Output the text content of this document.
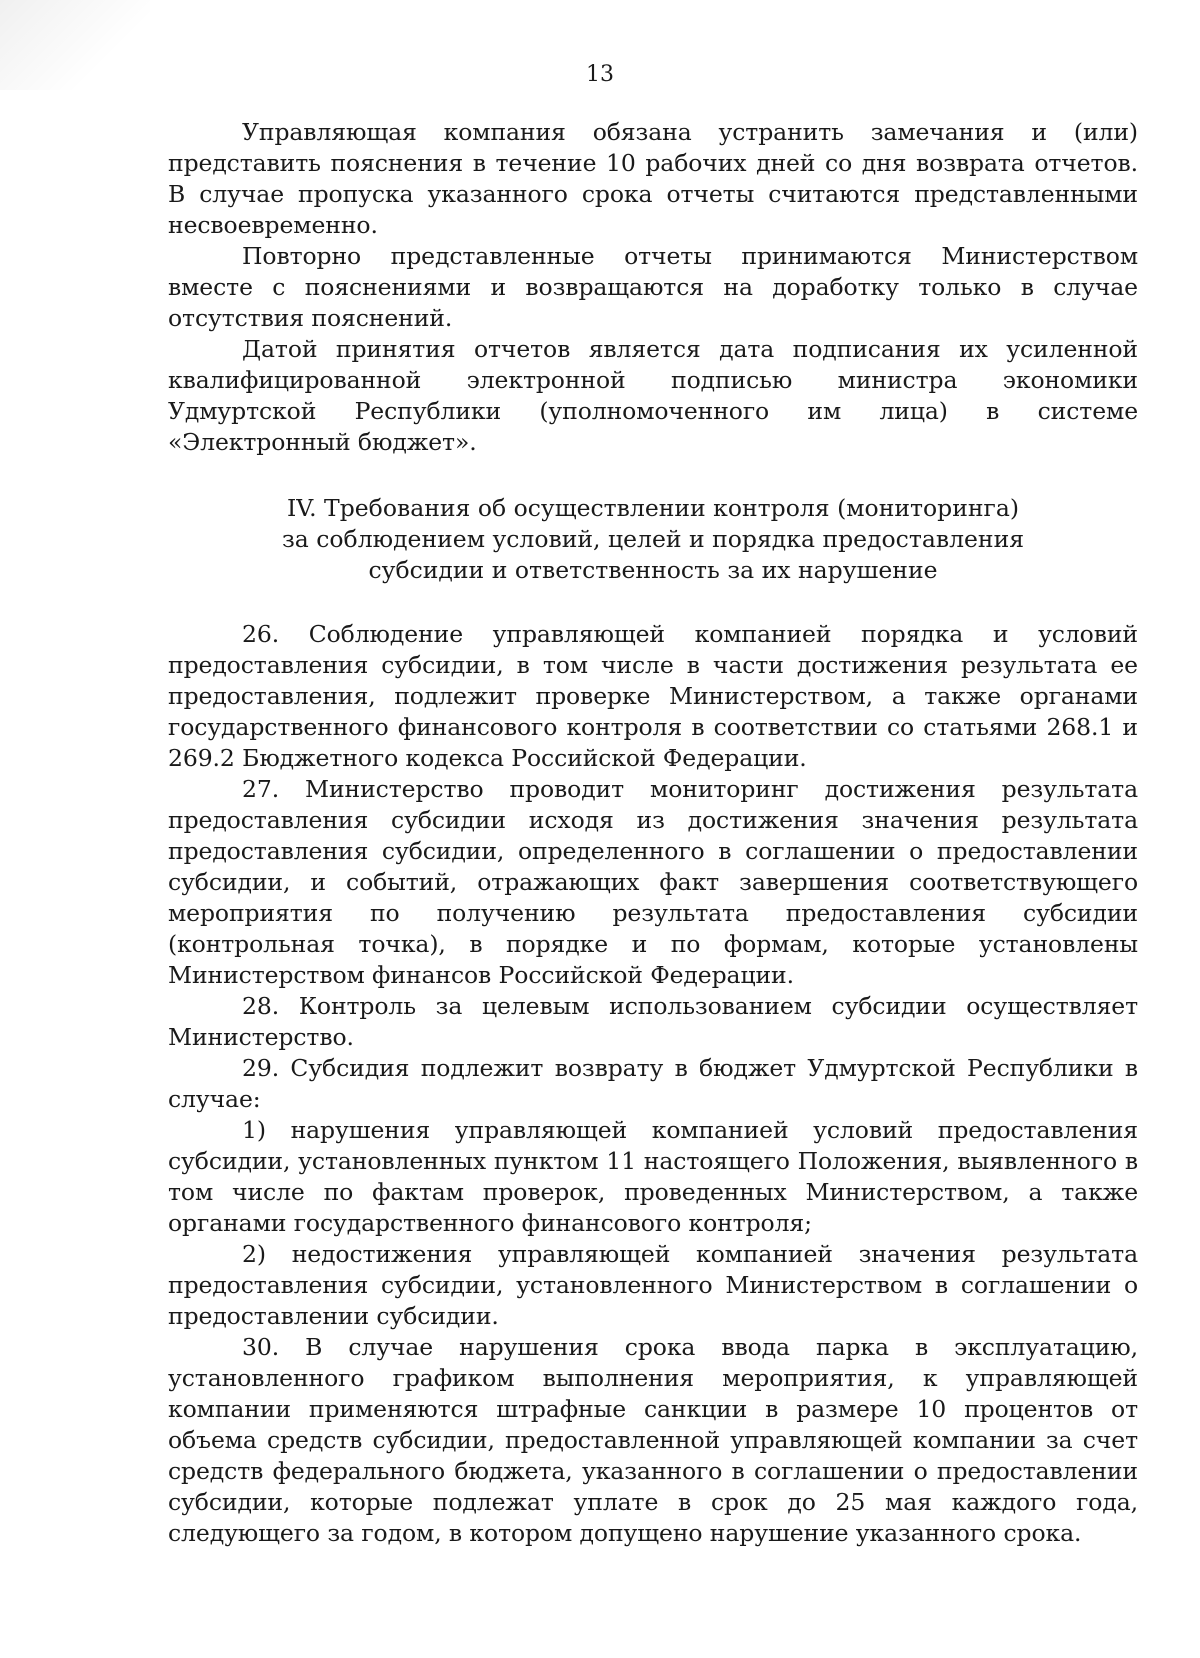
13

Управляющая компания обязана устранить замечания и (или) представить пояснения в течение 10 рабочих дней со дня возврата отчетов. В случае пропуска указанного срока отчеты считаются представленными несвоевременно.

Повторно представленные отчеты принимаются Министерством вместе с пояснениями и возвращаются на доработку только в случае отсутствия пояснений.

Датой принятия отчетов является дата подписания их усиленной квалифицированной электронной подписью министра экономики Удмуртской Республики (уполномоченного им лица) в системе «Электронный бюджет».

IV. Требования об осуществлении контроля (мониторинга)

за соблюдением условий, целей и порядка предоставления

субсидии и ответственность за их нарушение

26. Соблюдение управляющей компанией порядка и условий предоставления субсидии, в том числе в части достижения результата ее предоставления, подлежит проверке Министерством, а также органами государственного финансового контроля в соответствии со статьями 268.1 и 269.2 Бюджетного кодекса Российской Федерации.

27. Министерство проводит мониторинг достижения результата предоставления субсидии исходя из достижения значения результата предоставления субсидии, определенного в соглашении о предоставлении субсидии, и событий, отражающих факт завершения соответствующего мероприятия по получению результата предоставления субсидии (контрольная точка), в порядке и по формам, которые установлены Министерством финансов Российской Федерации.

28. Контроль за целевым использованием субсидии осуществляет Министерство.

29. Субсидия подлежит возврату в бюджет Удмуртской Республики в случае:

1) нарушения управляющей компанией условий предоставления субсидии, установленных пунктом 11 настоящего Положения, выявленного в том числе по фактам проверок, проведенных Министерством, а также органами государственного финансового контроля;

2) недостижения управляющей компанией значения результата предоставления субсидии, установленного Министерством в соглашении о предоставлении субсидии.

30. В случае нарушения срока ввода парка в эксплуатацию, установленного графиком выполнения мероприятия, к управляющей компании применяются штрафные санкции в размере 10 процентов от объема средств субсидии, предоставленной управляющей компании за счет средств федерального бюджета, указанного в соглашении о предоставлении субсидии, которые подлежат уплате в срок до 25 мая каждого года, следующего за годом, в котором допущено нарушение указанного срока.
